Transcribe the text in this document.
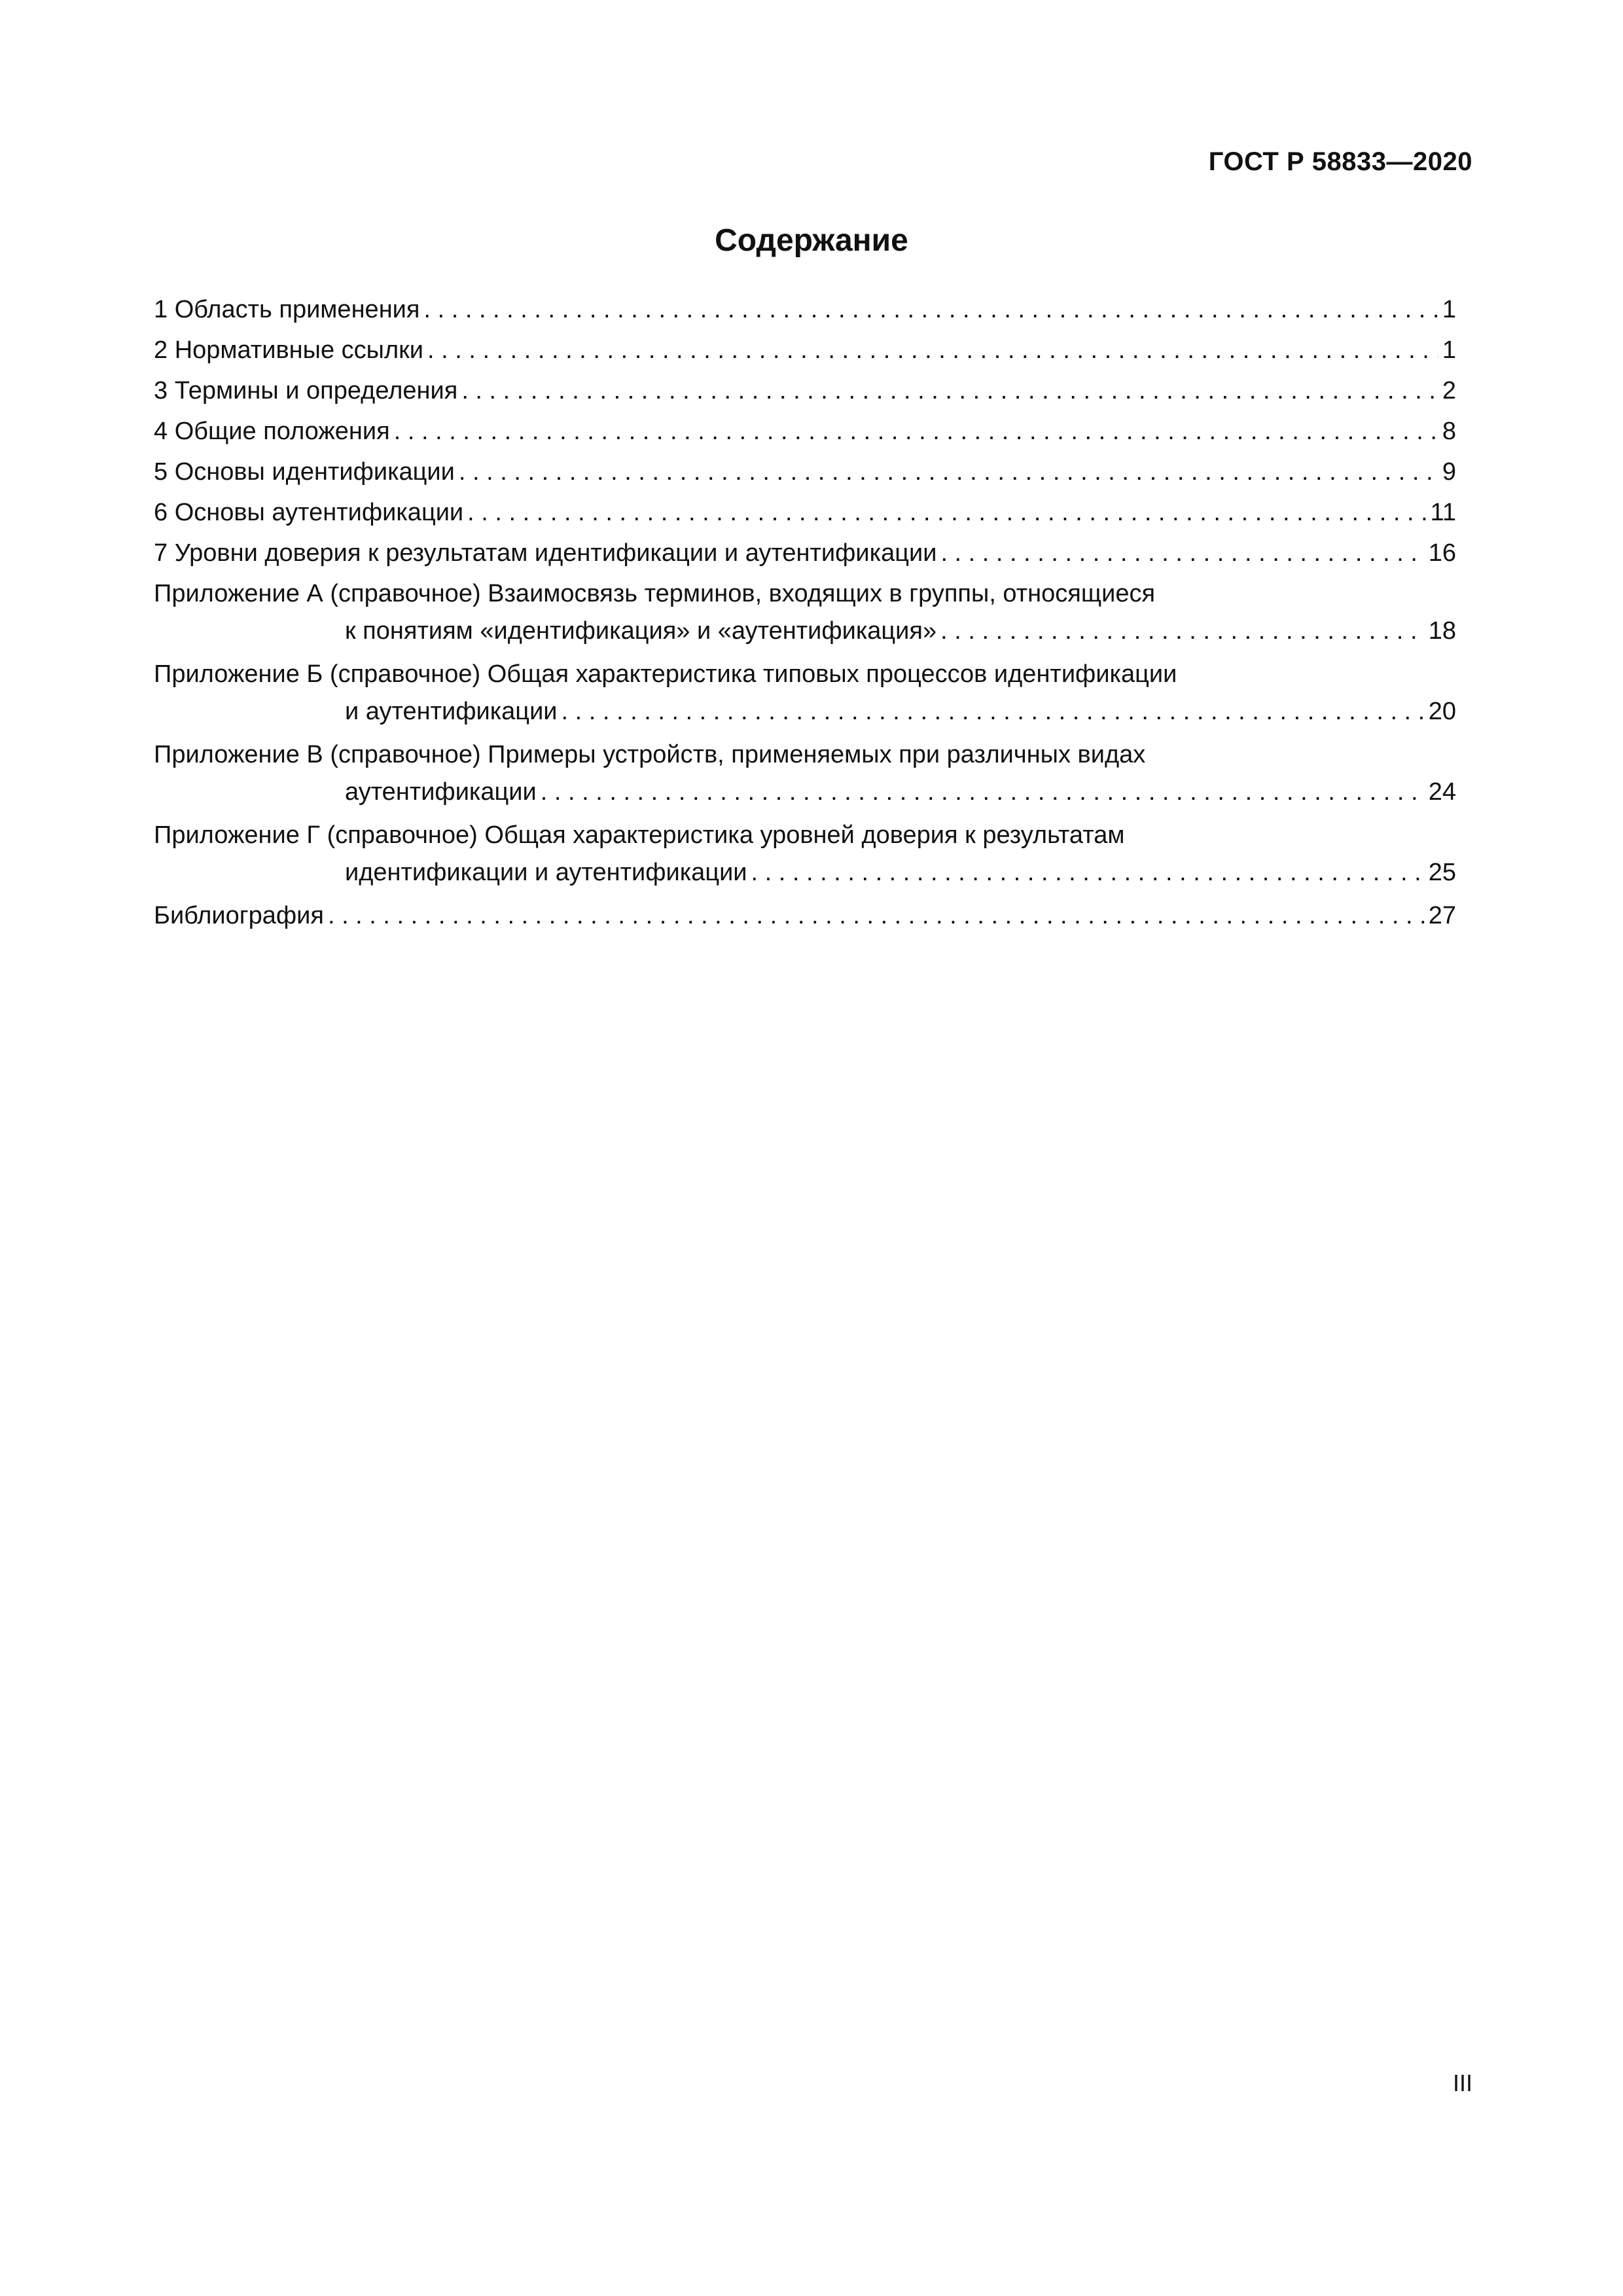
ГОСТ Р 58833—2020
Содержание
1 Область применения . . .	1
2 Нормативные ссылки . . .	1
3 Термины и определения . . .	2
4 Общие положения . . .	8
5 Основы идентификации . . .	9
6 Основы аутентификации . . .	11
7 Уровни доверия к результатам идентификации и аутентификации . . .	16
Приложение А (справочное) Взаимосвязь терминов, входящих в группы, относящиеся
к понятиям «идентификация» и «аутентификация» . . .	18
Приложение Б (справочное) Общая характеристика типовых процессов идентификации
и аутентификации . . .	20
Приложение В (справочное) Примеры устройств, применяемых при различных видах
аутентификации . . .	24
Приложение Г (справочное) Общая характеристика уровней доверия к результатам
идентификации и аутентификации . . .	25
Библиография . . .	27
III
